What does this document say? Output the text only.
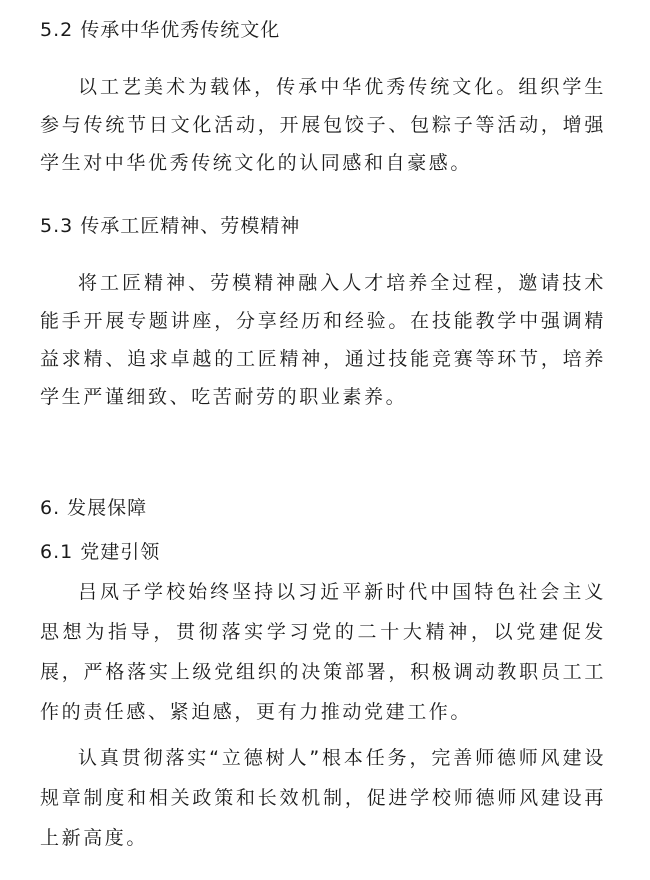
5.2 传承中华优秀传统文化
以工艺美术为载体，传承中华优秀传统文化。组织学生参与传统节日文化活动，开展包饺子、包粽子等活动，增强学生对中华优秀传统文化的认同感和自豪感。
5.3 传承工匠精神、劳模精神
将工匠精神、劳模精神融入人才培养全过程，邀请技术能手开展专题讲座，分享经历和经验。在技能教学中强调精益求精、追求卓越的工匠精神，通过技能竞赛等环节，培养学生严谨细致、吃苦耐劳的职业素养。
6. 发展保障
6.1 党建引领
吕凤子学校始终坚持以习近平新时代中国特色社会主义思想为指导，贯彻落实学习党的二十大精神，以党建促发展，严格落实上级党组织的决策部署，积极调动教职员工工作的责任感、紧迫感，更有力推动党建工作。
认真贯彻落实“立德树人”根本任务，完善师德师风建设规章制度和相关政策和长效机制，促进学校师德师风建设再上新高度。
